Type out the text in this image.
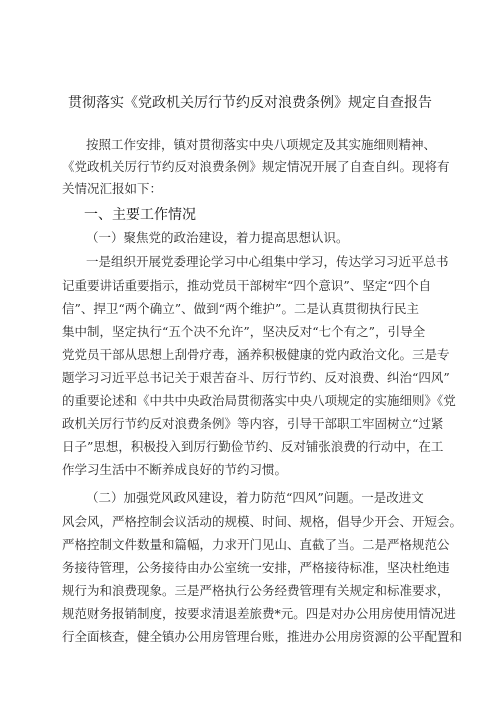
贯彻落实《党政机关厉行节约反对浪费条例》规定自查报告
按照工作安排，镇对贯彻落实中央八项规定及其实施细则精神、
《党政机关厉行节约反对浪费条例》规定情况开展了自查自纠。现将有
关情况汇报如下：
一、主要工作情况
（一）聚焦党的政治建设，着力提高思想认识。
一是组织开展党委理论学习中心组集中学习，传达学习习近平总书
记重要讲话重要指示，推动党员干部树牢“四个意识”、坚定“四个自
信”、捍卫“两个确立”、做到“两个维护”。二是认真贯彻执行民主
集中制，坚定执行“五个决不允许”，坚决反对“七个有之”，引导全
党党员干部从思想上刮骨疗毒，涵养积极健康的党内政治文化。三是专
题学习习近平总书记关于艰苦奋斗、厉行节约、反对浪费、纠治“四风”
的重要论述和《中共中央政治局贯彻落实中央八项规定的实施细则》《党
政机关厉行节约反对浪费条例》等内容，引导干部职工牢固树立“过紧
日子”思想，积极投入到厉行勤俭节约、反对铺张浪费的行动中，在工
作学习生活中不断养成良好的节约习惯。
（二）加强党风政风建设，着力防范“四风”问题。一是改进文
风会风，严格控制会议活动的规模、时间、规格，倡导少开会、开短会。
严格控制文件数量和篇幅，力求开门见山、直截了当。二是严格规范公
务接待管理，公务接待由办公室统一安排，严格接待标准，坚决杜绝违
规行为和浪费现象。三是严格执行公务经费管理有关规定和标准要求，
规范财务报销制度，按要求清退差旅费*元。四是对办公用房使用情况进
行全面核查，健全镇办公用房管理台账，推进办公用房资源的公平配置和
